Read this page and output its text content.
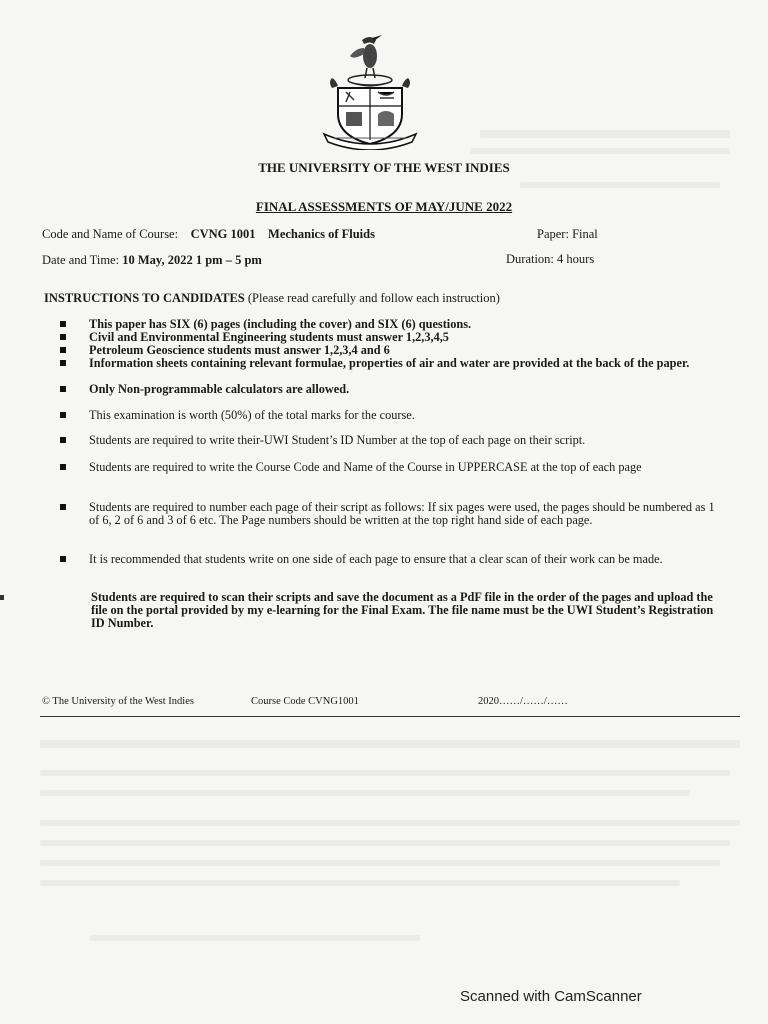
THE UNIVERSITY OF THE WEST INDIES
FINAL ASSESSMENTS OF MAY/JUNE 2022
Code and Name of Course: CVNG 1001 Mechanics of Fluids	Paper: Final
Date and Time: 10 May, 2022 1 pm – 5 pm	Duration: 4 hours
INSTRUCTIONS TO CANDIDATES (Please read carefully and follow each instruction)
This paper has SIX (6) pages (including the cover) and SIX (6) questions.
Civil and Environmental Engineering students must answer 1,2,3,4,5
Petroleum Geoscience students must answer 1,2,3,4 and 6
Information sheets containing relevant formulae, properties of air and water are provided at the back of the paper.
Only Non-programmable calculators are allowed.
This examination is worth (50%) of the total marks for the course.
Students are required to write their-UWI Student’s ID Number at the top of each page on their script.
Students are required to write the Course Code and Name of the Course in UPPERCASE at the top of each page
Students are required to number each page of their script as follows: If six pages were used, the pages should be numbered as 1 of 6, 2 of 6 and 3 of 6 etc. The Page numbers should be written at the top right hand side of each page.
It is recommended that students write on one side of each page to ensure that a clear scan of their work can be made.
Students are required to scan their scripts and save the document as a PdF file in the order of the pages and upload the file on the portal provided by my e-learning for the Final Exam. The file name must be the UWI Student’s Registration ID Number.
© The University of the West Indies	Course Code CVNG1001	2020……/……/……
Scanned with CamScanner
